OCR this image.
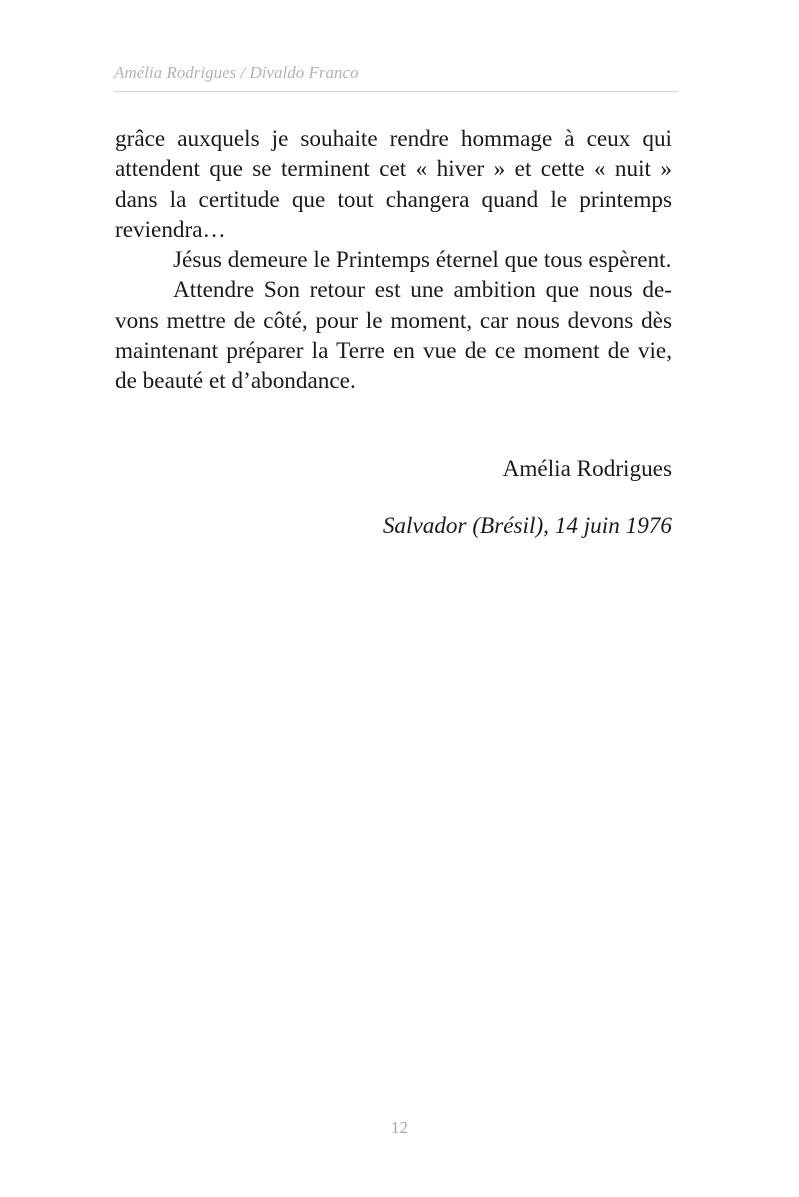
Amélia Rodrigues / Divaldo Franco

grâce auxquels je souhaite rendre hommage à ceux qui attendent que se terminent cet « hiver » et cette « nuit » dans la certitude que tout changera quand le printemps reviendra…

Jésus demeure le Printemps éternel que tous espèrent.

Attendre Son retour est une ambition que nous devons mettre de côté, pour le moment, car nous devons dès maintenant préparer la Terre en vue de ce moment de vie, de beauté et d’abondance.

Amélia Rodrigues
Salvador (Brésil), 14 juin 1976
12
